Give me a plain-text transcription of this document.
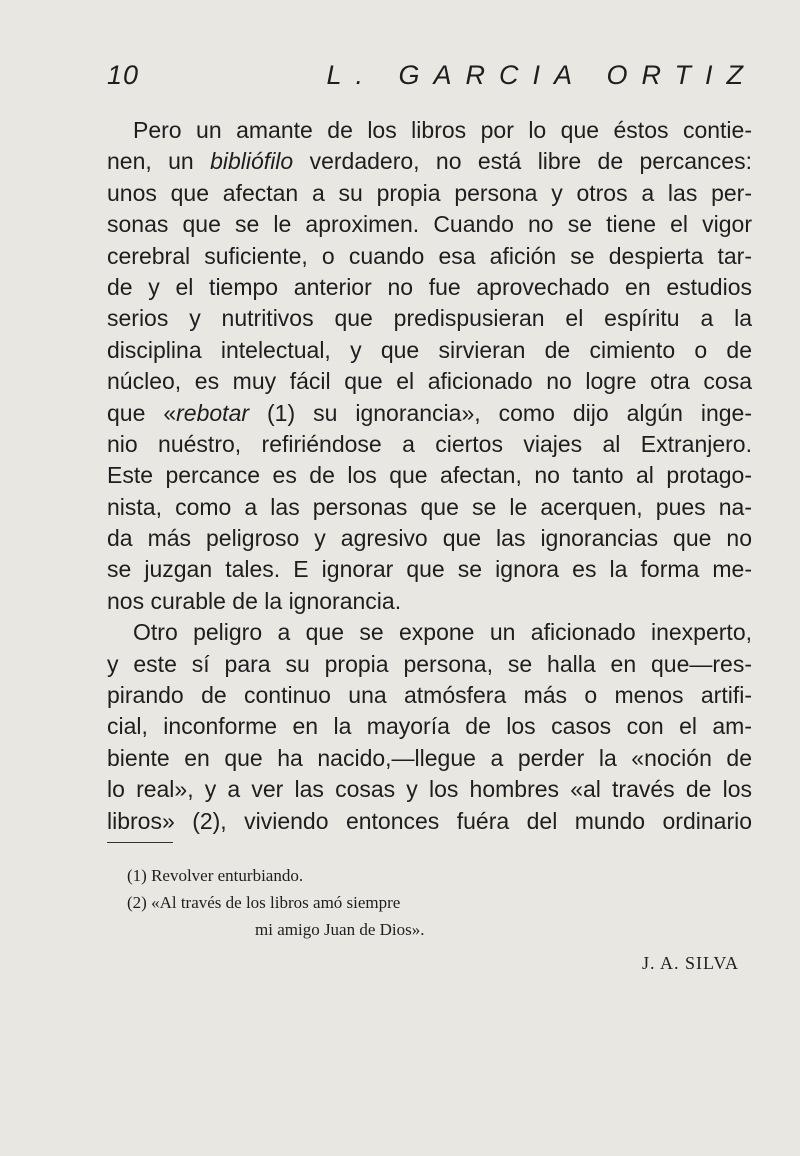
10	L. GARCIA ORTIZ
Pero un amante de los libros por lo que éstos contie-
nen, un bibliófilo verdadero, no está libre de percances:
unos que afectan a su propia persona y otros a las per-
sonas que se le aproximen. Cuando no se tiene el vigor
cerebral suficiente, o cuando esa afición se despierta tar-
de y el tiempo anterior no fue aprovechado en estudios
serios y nutritivos que predispusieran el espíritu a la
disciplina intelectual, y que sirvieran de cimiento o de
núcleo, es muy fácil que el aficionado no logre otra cosa
que «rebotar (1) su ignorancia», como dijo algún inge-
nio nuéstro, refiriéndose a ciertos viajes al Extranjero.
Este percance es de los que afectan, no tanto al protago-
nista, como a las personas que se le acerquen, pues na-
da más peligroso y agresivo que las ignorancias que no
se juzgan tales. E ignorar que se ignora es la forma me-
nos curable de la ignorancia.
Otro peligro a que se expone un aficionado inexperto,
y este sí para su propia persona, se halla en que—res-
pirando de continuo una atmósfera más o menos artifi-
cial, inconforme en la mayoría de los casos con el am-
biente en que ha nacido,—llegue a perder la «noción de
lo real», y a ver las cosas y los hombres «al través de los
libros» (2), viviendo entonces fuéra del mundo ordinario
(1) Revolver enturbiando.
(2) «Al través de los libros amó siempre
mi amigo Juan de Dios».
J. A. SILVA
